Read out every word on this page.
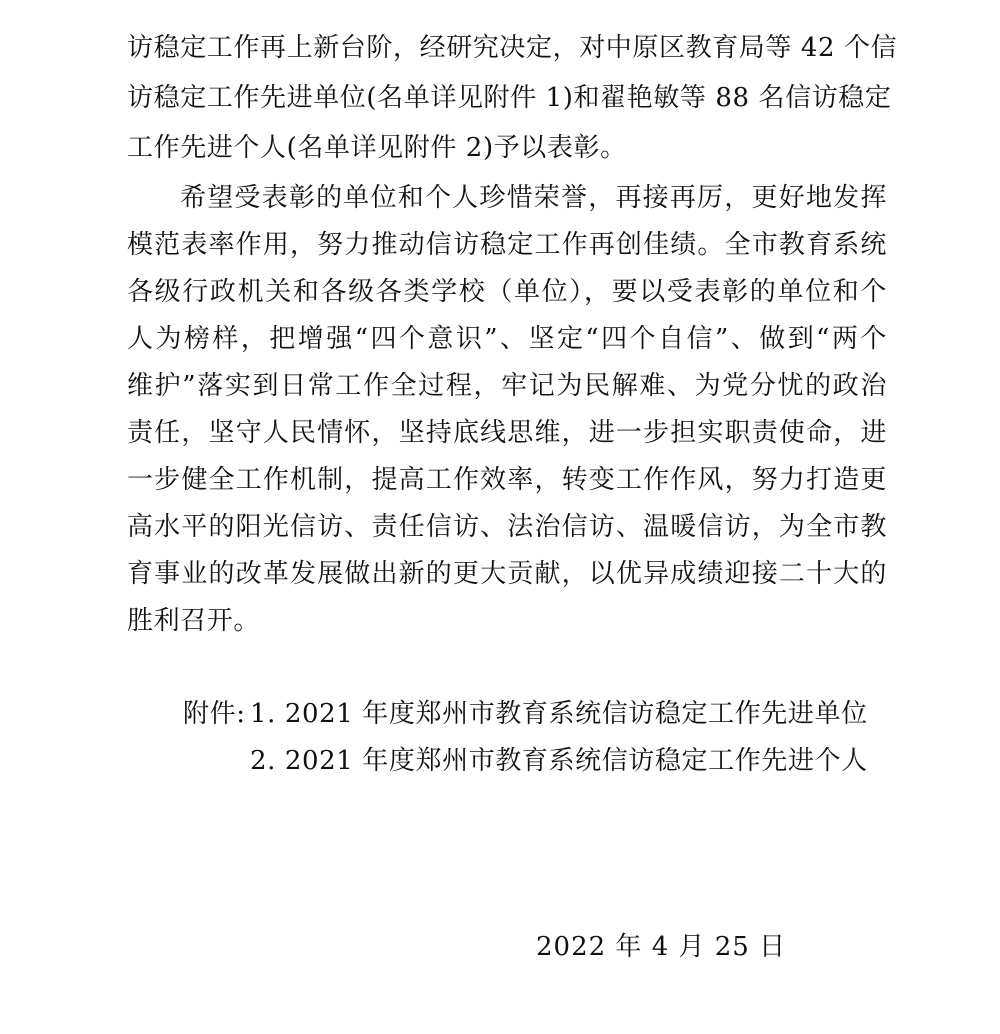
访稳定工作再上新台阶，经研究决定，对中原区教育局等 42 个信
访稳定工作先进单位(名单详见附件 1)和翟艳敏等 88 名信访稳定
工作先进个人(名单详见附件 2)予以表彰。
希望受表彰的单位和个人珍惜荣誉，再接再厉，更好地发挥
模范表率作用，努力推动信访稳定工作再创佳绩。全市教育系统
各级行政机关和各级各类学校（单位），要以受表彰的单位和个
人为榜样，把增强“四个意识”、坚定“四个自信”、做到“两个
维护”落实到日常工作全过程，牢记为民解难、为党分忧的政治
责任，坚守人民情怀，坚持底线思维，进一步担实职责使命，进
一步健全工作机制，提高工作效率，转变工作作风，努力打造更
高水平的阳光信访、责任信访、法治信访、温暖信访，为全市教
育事业的改革发展做出新的更大贡献，以优异成绩迎接二十大的
胜利召开。
附件: 1. 2021 年度郑州市教育系统信访稳定工作先进单位
2. 2021 年度郑州市教育系统信访稳定工作先进个人
2022 年 4 月 25 日
